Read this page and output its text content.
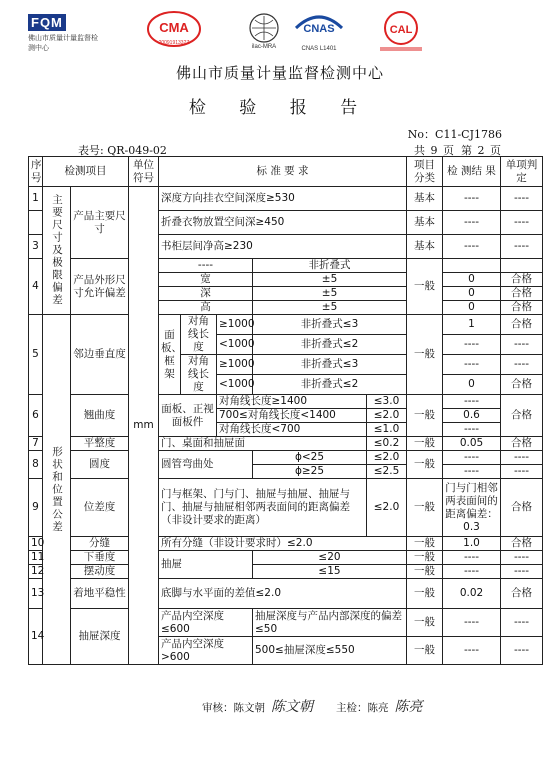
FQM
佛山市质量计量监督检测中心
CMA
2009191332Z
ilac-MRA
CNAS
CNAS L1401
CAL
佛山市质量计量监督检测中心
检 验 报 告
No：C11-CJ1786
表号: QR-049-02	共 9 页 第 2 页
序号	检测项目		单位符号	标 准 要 求					项目分类	检 测结 果	单项判定
1	主要尺寸及极限偏差	产品主要尺寸	mm	深度方向挂衣空间深度≥530					基本	----	----
				折叠衣物放置空间深≥450					基本	----	----
3				书柜层间净高≥230					基本	----	----
4		产品外形尺寸允许偏差		----			非折叠式		一般		
				宽			±5			0	合格
				深			±5			0	合格
				高			±5			0	合格
5	形状和位置公差	邻边垂直度		面板、框架	对角线长度	≥1000	非折叠式≤3		一般	1	合格
						<1000	非折叠式≤2			----	----
					对角线长度	≥1000	非折叠式≤3			----	----
						<1000	非折叠式≤2			0	合格
6		翘曲度		面板、正视面板件		对角线长度≥1400		≤3.0	一般	----	合格
						700≤对角线长度<1400		≤2.0		0.6	
						对角线长度<700		≤1.0		----	
7		平整度		门、桌面和抽屉面				≤0.2	一般	0.05	合格
8		圆度		圆管弯曲处			ϕ<25	≤2.0	一般	----	----
							ϕ≥25	≤2.5		----	----
9		位差度		门与框架、门与门、抽屉与抽屉、抽屉与门、抽屉与抽屉相邻两表面间的距离偏差（非设计要求的距离）				≤2.0	一般	门与门相邻两表面间的距离偏差：0.3	合格
10		分缝		所有分缝（非设计要求时）≤2.0					一般	1.0	合格
11		下垂度		抽屉			≤20		一般	----	----
12		摆动度					≤15		一般	----	----
13		着地平稳性		底脚与水平面的差值≤2.0					一般	0.02	合格
14		抽屉深度		产品内空深度≤600			抽屉深度与产品内部深度的偏差≤50		一般	----	----
				产品内空深度>600			500≤抽屉深度≤550		一般	----	----
审核：陈文朝 陈文朝 主检：陈亮 陈亮
